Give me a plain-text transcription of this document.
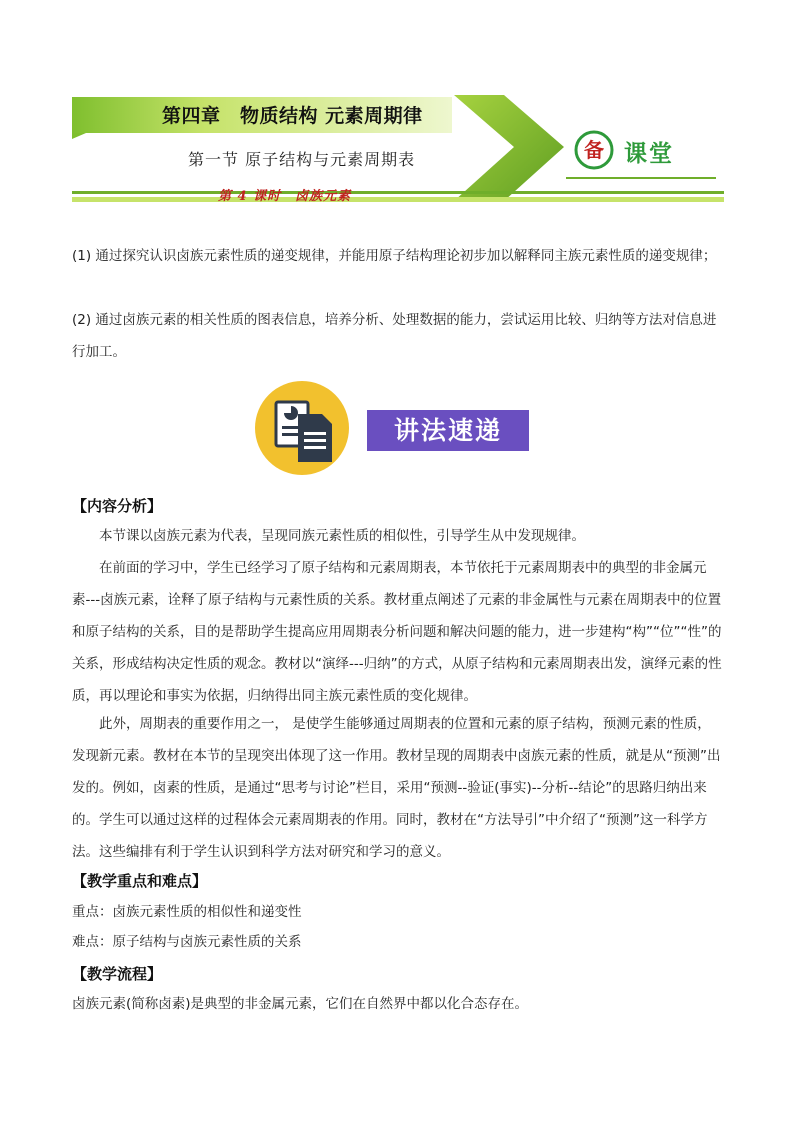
第四章　物质结构 元素周期律
第一节 原子结构与元素周期表
第 4 课时　卤族元素
备 课堂
(1) 通过探究认识卤族元素性质的递变规律，并能用原子结构理论初步加以解释同主族元素性质的递变规律；
(2) 通过卤族元素的相关性质的图表信息，培养分析、处理数据的能力，尝试运用比较、归纳等方法对信息进行加工。
讲法速递
【内容分析】
本节课以卤族元素为代表，呈现同族元素性质的相似性，引导学生从中发现规律。
在前面的学习中，学生已经学习了原子结构和元素周期表，本节依托于元素周期表中的典型的非金属元素---卤族元素，诠释了原子结构与元素性质的关系。教材重点阐述了元素的非金属性与元素在周期表中的位置和原子结构的关系，目的是帮助学生提高应用周期表分析问题和解决问题的能力，进一步建构“构”“位”“性”的关系，形成结构决定性质的观念。教材以“演绎---归纳”的方式，从原子结构和元素周期表出发，演绎元素的性质，再以理论和事实为依据，归纳得出同主族元素性质的变化规律。
此外，周期表的重要作用之一， 是使学生能够通过周期表的位置和元素的原子结构，预测元素的性质，发现新元素。教材在本节的呈现突出体现了这一作用。教材呈现的周期表中卤族元素的性质，就是从“预测”出发的。例如，卤素的性质，是通过“思考与讨论”栏目，采用“预测--验证(事实)--分析--结论”的思路归纳出来的。学生可以通过这样的过程体会元素周期表的作用。同时，教材在“方法导引”中介绍了“预测”这一科学方法。这些编排有利于学生认识到科学方法对研究和学习的意义。
【教学重点和难点】
重点：卤族元素性质的相似性和递变性
难点：原子结构与卤族元素性质的关系
【教学流程】
卤族元素(简称卤素)是典型的非金属元素，它们在自然界中都以化合态存在。
